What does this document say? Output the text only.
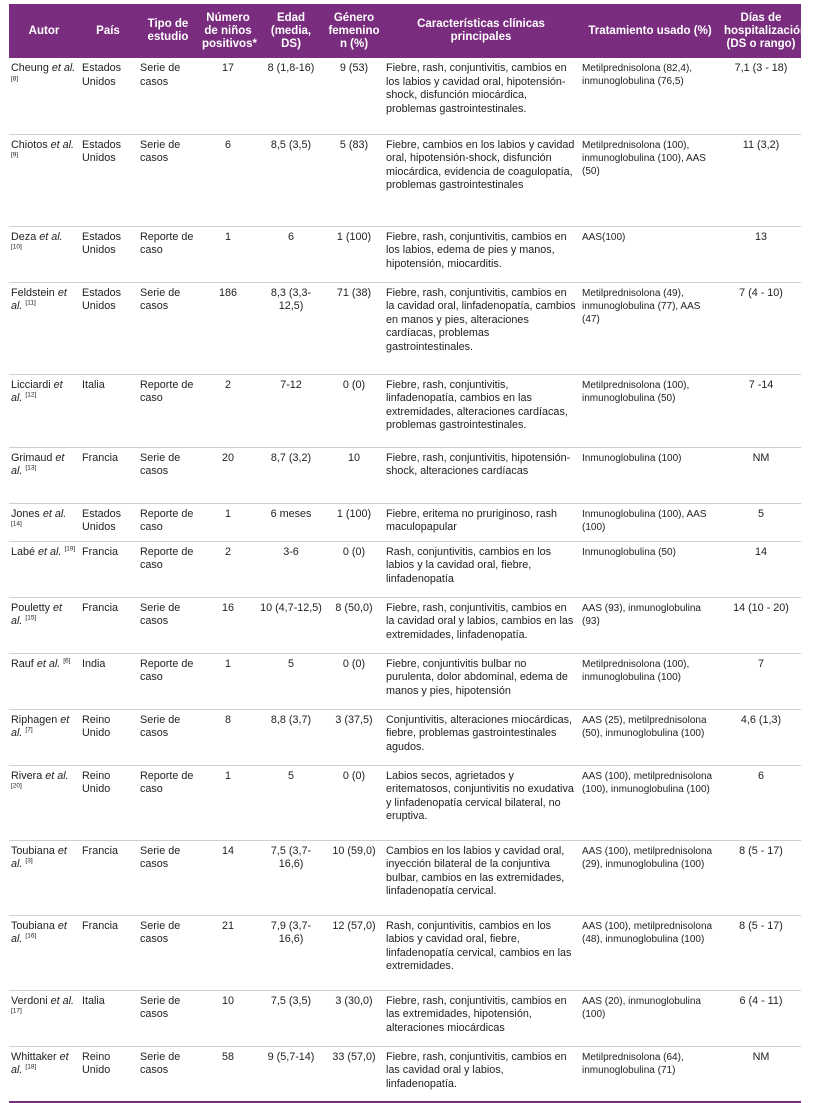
Autor	País	Tipo de estudio	Número de niños positivos*	Edad (media, DS)	Género femenino n (%)	Características clínicas principales	Tratamiento usado (%)	Días de hospitalización (DS o rango)
Cheung et al. [8]	Estados Unidos	Serie de casos	17	8 (1,8-16)	9 (53)	Fiebre, rash, conjuntivitis, cambios en los labios y cavidad oral, hipotensión-shock, disfunción miocárdica, problemas gastrointestinales.	Metilprednisolona (82,4), inmunoglobulina (76,5)	7,1 (3 - 18)
Chiotos et al. [9]	Estados Unidos	Serie de casos	6	8,5 (3,5)	5 (83)	Fiebre, cambios en los labios y cavidad oral, hipotensión-shock, disfunción miocárdica, evidencia de coagulopatía, problemas gastrointestinales	Metilprednisolona (100), inmunoglobulina (100), AAS (50)	11 (3,2)
Deza et al. [10]	Estados Unidos	Reporte de caso	1	6	1 (100)	Fiebre, rash, conjuntivitis, cambios en los labios, edema de pies y manos, hipotensión, miocarditis.	AAS(100)	13
Feldstein et al. [11]	Estados Unidos	Serie de casos	186	8,3 (3,3-12,5)	71 (38)	Fiebre, rash, conjuntivitis, cambios en la cavidad oral, linfadenopatía, cambios en manos y pies, alteraciones cardíacas, problemas gastrointestinales.	Metilprednisolona (49), inmunoglobulina (77), AAS (47)	7 (4 - 10)
Licciardi et al. [12]	Italia	Reporte de caso	2	7-12	0 (0)	Fiebre, rash, conjuntivitis, linfadenopatía, cambios en las extremidades, alteraciones cardíacas, problemas gastrointestinales.	Metilprednisolona (100), inmunoglobulina (50)	7 -14
Grimaud et al. [13]	Francia	Serie de casos	20	8,7 (3,2)	10	Fiebre, rash, conjuntivitis, hipotensión-shock, alteraciones cardíacas	Inmunoglobulina (100)	NM
Jones et al. [14]	Estados Unidos	Reporte de caso	1	6 meses	1 (100)	Fiebre, eritema no pruriginoso, rash maculopapular	Inmunoglobulina (100), AAS (100)	5
Labé et al. [19]	Francia	Reporte de caso	2	3-6	0 (0)	Rash, conjuntivitis, cambios en los labios y la cavidad oral, fiebre, linfadenopatía	Inmunoglobulina (50)	14
Pouletty et al. [15]	Francia	Serie de casos	16	10 (4,7-12,5)	8 (50,0)	Fiebre, rash, conjuntivitis, cambios en la cavidad oral y labios, cambios en las extremidades, linfadenopatía.	AAS (93), inmunoglobulina (93)	14 (10 - 20)
Rauf et al. [6]	India	Reporte de caso	1	5	0 (0)	Fiebre, conjuntivitis bulbar no purulenta, dolor abdominal, edema de manos y pies, hipotensión	Metilprednisolona (100), inmunoglobulina (100)	7
Riphagen et al. [7]	Reino Unido	Serie de casos	8	8,8 (3,7)	3 (37,5)	Conjuntivitis, alteraciones miocárdicas, fiebre, problemas gastrointestinales agudos.	AAS (25), metilprednisolona (50), inmunoglobulina (100)	4,6 (1,3)
Rivera et al. [20]	Reino Unido	Reporte de caso	1	5	0 (0)	Labios secos, agrietados y eritematosos, conjuntivitis no exudativa y linfadenopatía cervical bilateral, no eruptiva.	AAS (100), metilprednisolona (100), inmunoglobulina (100)	6
Toubiana et al. [3]	Francia	Serie de casos	14	7,5 (3,7-16,6)	10 (59,0)	Cambios en los labios y cavidad oral, inyección bilateral de la conjuntiva bulbar, cambios en las extremidades, linfadenopatía cervical.	AAS (100), metilprednisolona (29), inmunoglobulina (100)	8 (5 - 17)
Toubiana et al. [16]	Francia	Serie de casos	21	7,9 (3,7-16,6)	12 (57,0)	Rash, conjuntivitis, cambios en los labios y cavidad oral, fiebre, linfadenopatía cervical, cambios en las extremidades.	AAS (100), metilprednisolona (48), inmunoglobulina (100)	8 (5 - 17)
Verdoni et al. [17]	Italia	Serie de casos	10	7,5 (3,5)	3 (30,0)	Fiebre, rash, conjuntivitis, cambios en las extremidades, hipotensión, alteraciones miocárdicas	AAS (20), inmunoglobulina (100)	6 (4 - 11)
Whittaker et al. [18]	Reino Unido	Serie de casos	58	9 (5,7-14)	33 (57,0)	Fiebre, rash, conjuntivitis, cambios en las cavidad oral y labios, linfadenopatía.	Metilprednisolona (64), inmunoglobulina (71)	NM
